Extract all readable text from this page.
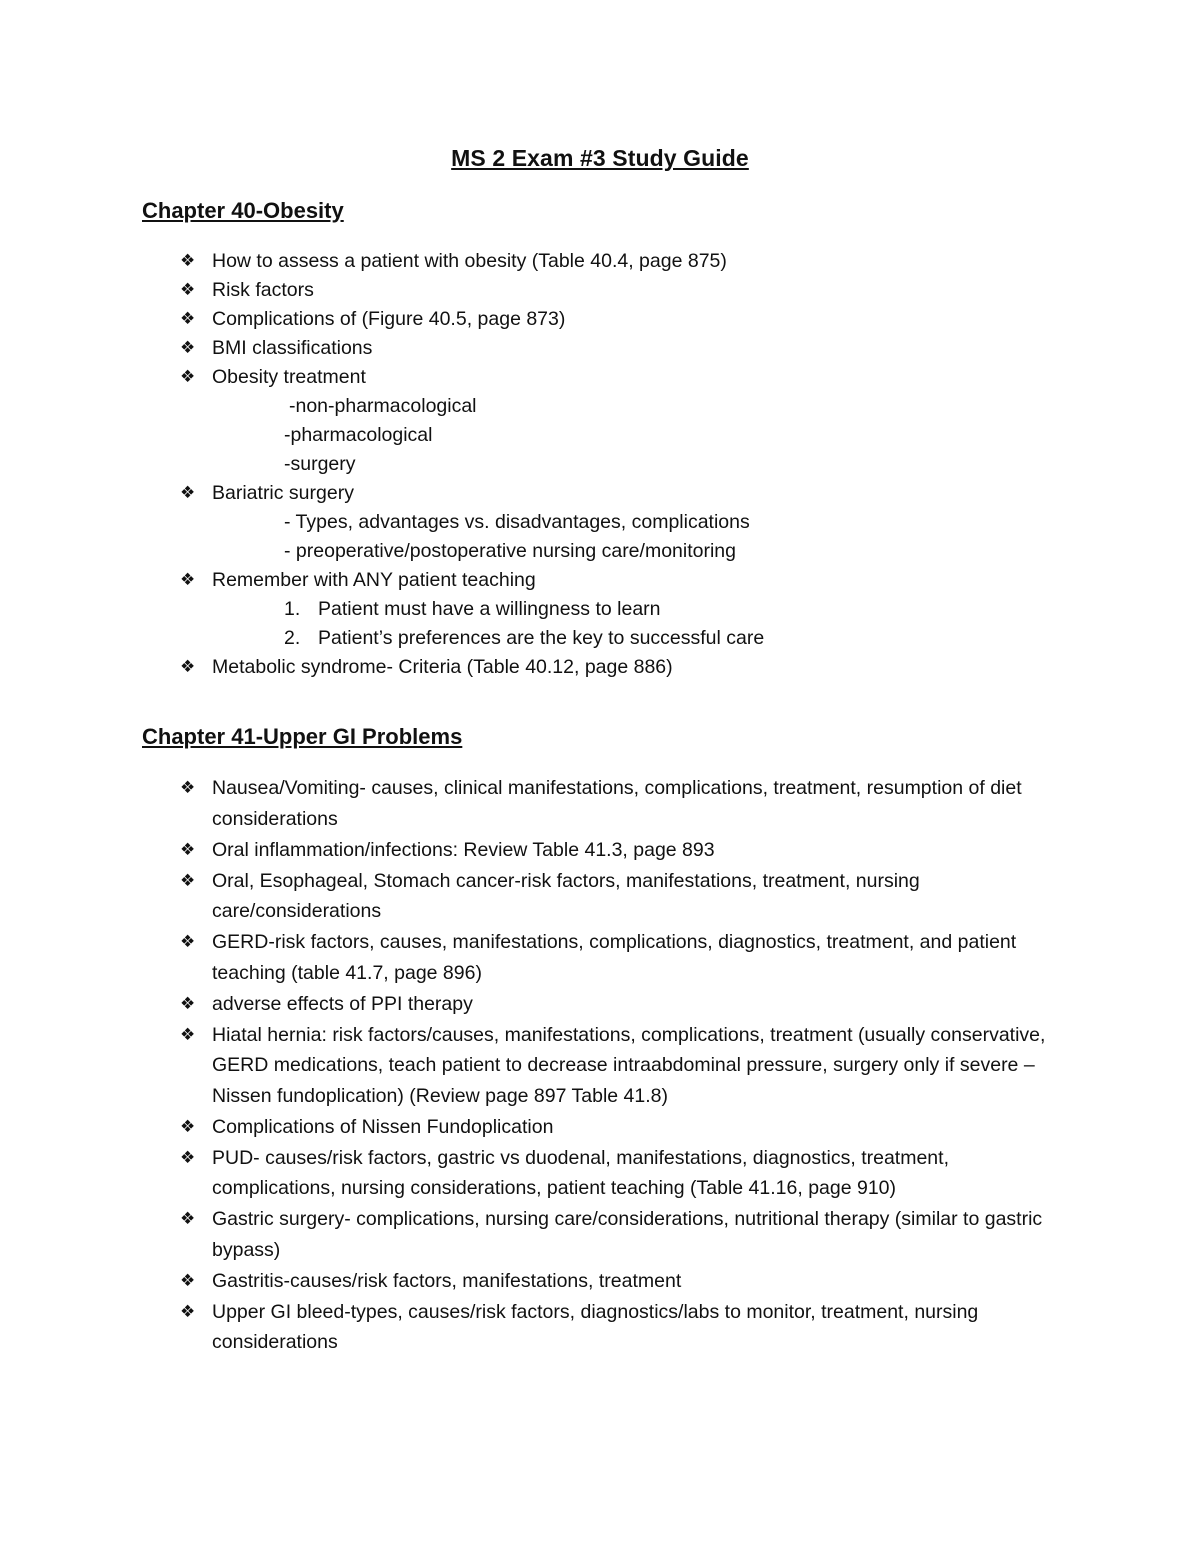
MS 2 Exam #3 Study Guide
Chapter 40-Obesity
❖ How to assess a patient with obesity (Table 40.4, page 875)
❖ Risk factors
❖ Complications of (Figure 40.5, page 873)
❖ BMI classifications
❖ Obesity treatment
-non-pharmacological
-pharmacological
-surgery
❖ Bariatric surgery
- Types, advantages vs. disadvantages, complications
- preoperative/postoperative nursing care/monitoring
❖ Remember with ANY patient teaching
1. Patient must have a willingness to learn
2. Patient’s preferences are the key to successful care
❖ Metabolic syndrome- Criteria (Table 40.12, page 886)
Chapter 41-Upper GI Problems
❖ Nausea/Vomiting- causes, clinical manifestations, complications, treatment, resumption of diet considerations
❖ Oral inflammation/infections: Review Table 41.3, page 893
❖ Oral, Esophageal, Stomach cancer-risk factors, manifestations, treatment, nursing care/considerations
❖ GERD-risk factors, causes, manifestations, complications, diagnostics, treatment, and patient teaching (table 41.7, page 896)
❖ adverse effects of PPI therapy
❖ Hiatal hernia: risk factors/causes, manifestations, complications, treatment (usually conservative, GERD medications, teach patient to decrease intraabdominal pressure, surgery only if severe – Nissen fundoplication) (Review page 897 Table 41.8)
❖ Complications of Nissen Fundoplication
❖ PUD- causes/risk factors, gastric vs duodenal, manifestations, diagnostics, treatment, complications, nursing considerations, patient teaching (Table 41.16, page 910)
❖ Gastric surgery- complications, nursing care/considerations, nutritional therapy (similar to gastric bypass)
❖ Gastritis-causes/risk factors, manifestations, treatment
❖ Upper GI bleed-types, causes/risk factors, diagnostics/labs to monitor, treatment, nursing considerations
